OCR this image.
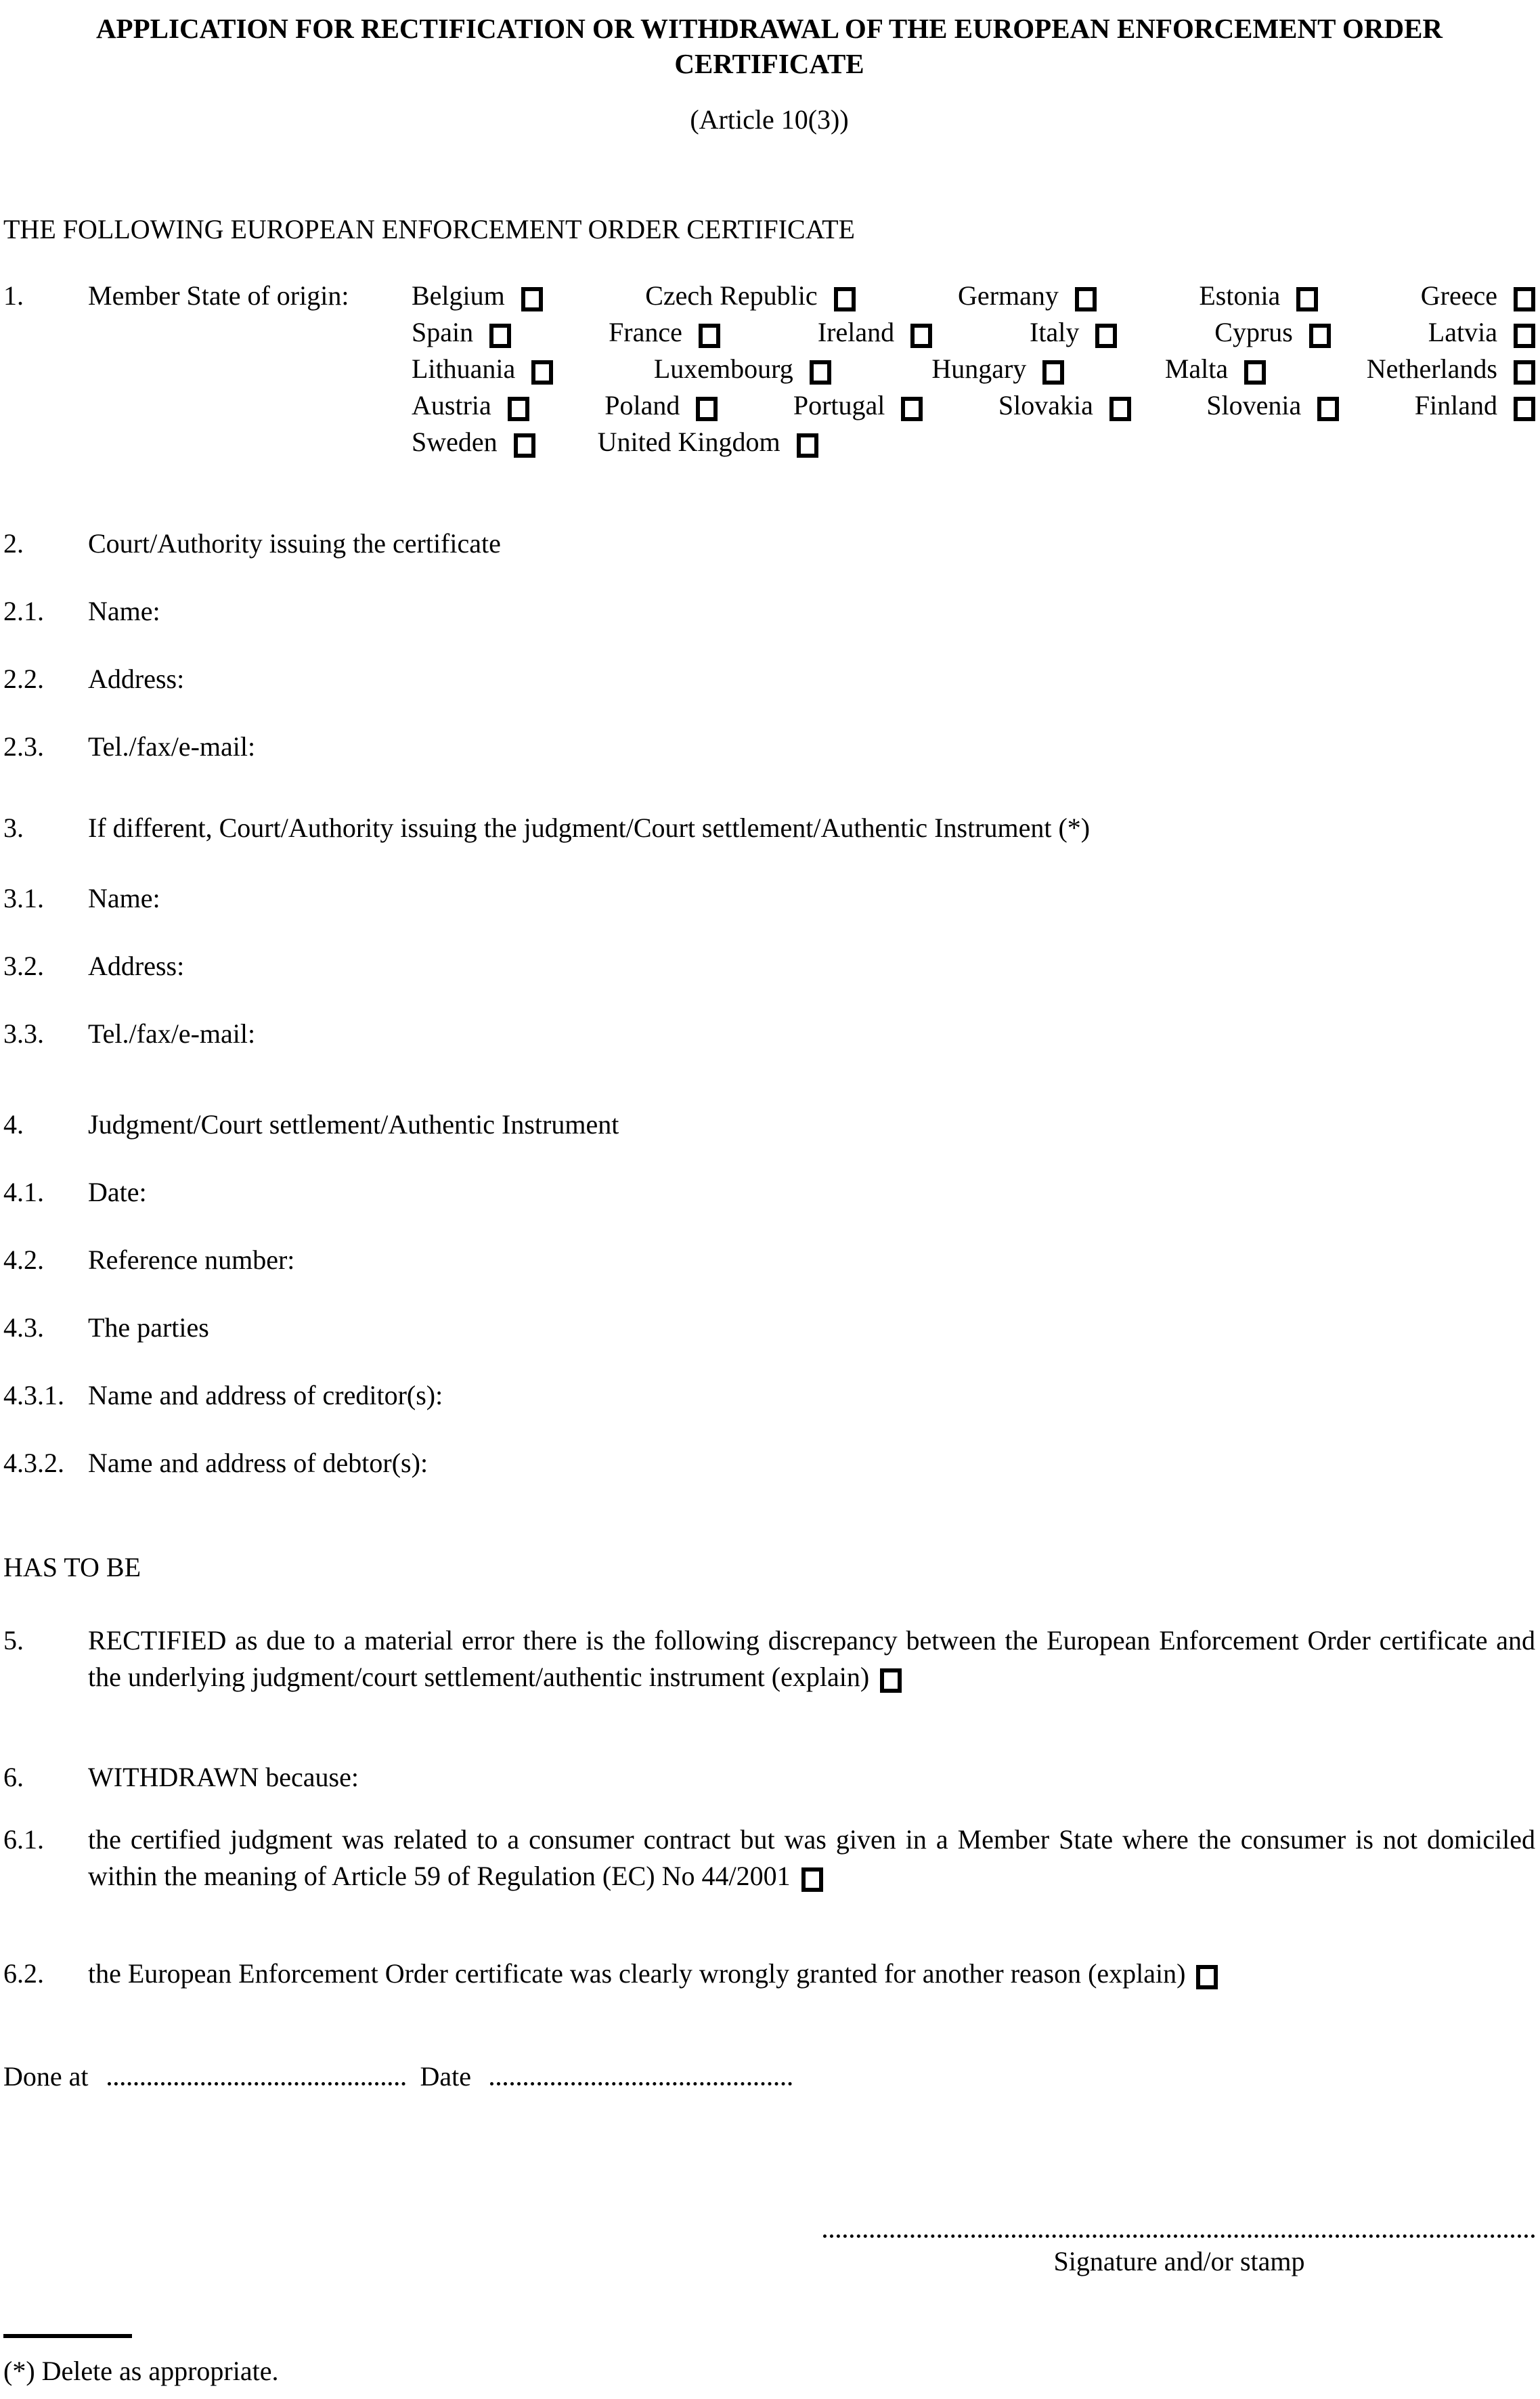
APPLICATION FOR RECTIFICATION OR WITHDRAWAL OF THE EUROPEAN ENFORCEMENT ORDER
CERTIFICATE
(Article 10(3))
THE FOLLOWING EUROPEAN ENFORCEMENT ORDER CERTIFICATE
1.	Member State of origin:	Belgium	Czech Republic	Germany	Estonia	Greece
Spain	France	Ireland	Italy	Cyprus	Latvia
Lithuania	Luxembourg	Hungary	Malta	Netherlands
Austria	Poland	Portugal	Slovakia	Slovenia	Finland
Sweden	United Kingdom
2.	Court/Authority issuing the certificate
2.1.	Name:
2.2.	Address:
2.3.	Tel./fax/e-mail:
3.	If different, Court/Authority issuing the judgment/Court settlement/Authentic Instrument (*)
3.1.	Name:
3.2.	Address:
3.3.	Tel./fax/e-mail:
4.	Judgment/Court settlement/Authentic Instrument
4.1.	Date:
4.2.	Reference number:
4.3.	The parties
4.3.1. Name and address of creditor(s):
4.3.2. Name and address of debtor(s):
HAS TO BE
5.	RECTIFIED as due to a material error there is the following discrepancy between the European Enforcement Order certificate and the underlying judgment/court settlement/authentic instrument (explain)
6.	WITHDRAWN because:
6.1.	the certified judgment was related to a consumer contract but was given in a Member State where the consumer is not domiciled within the meaning of Article 59 of Regulation (EC) No 44/2001
6.2.	the European Enforcement Order certificate was clearly wrongly granted for another reason (explain)
Done at	Date
Signature and/or stamp
(*) Delete as appropriate.
